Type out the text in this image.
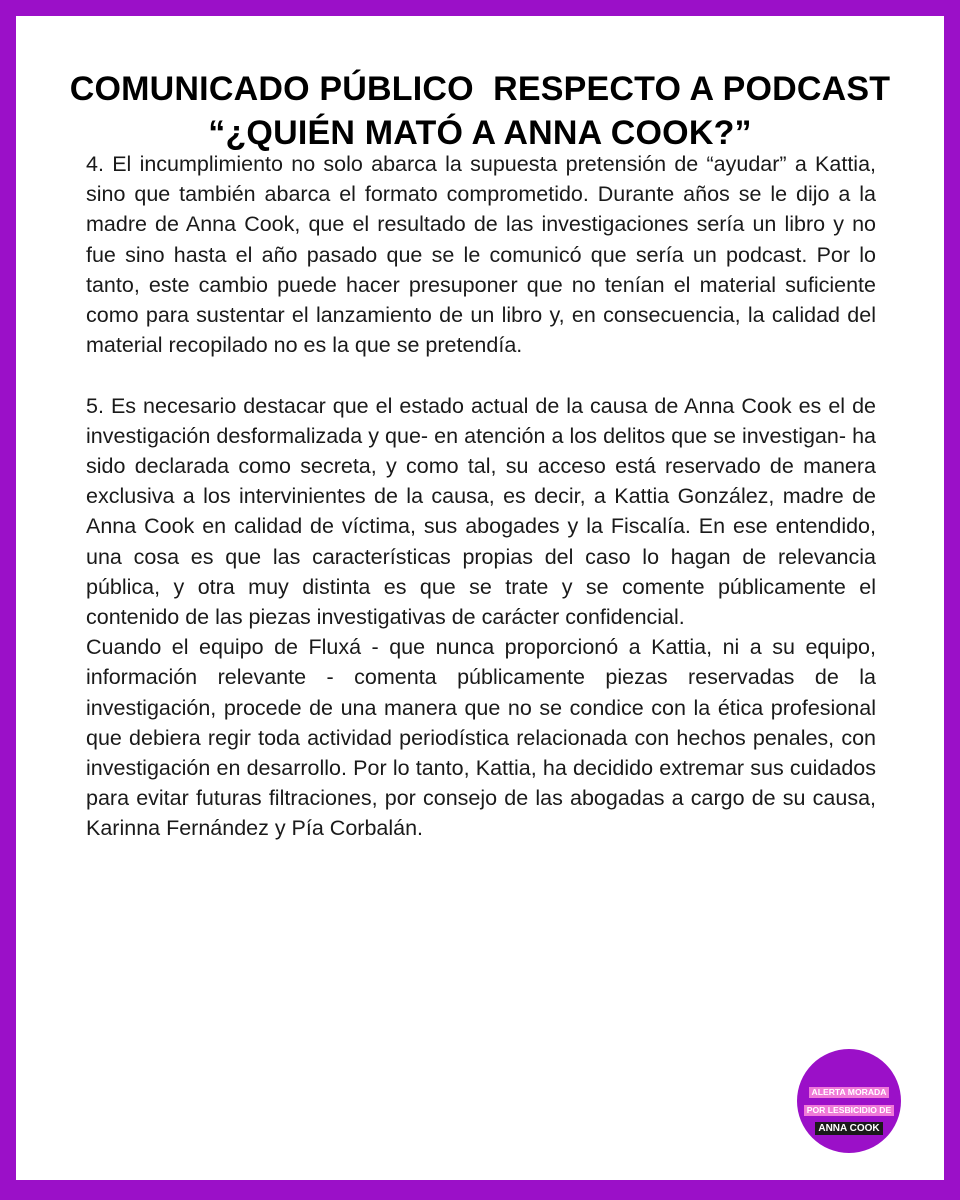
COMUNICADO PÚBLICO  RESPECTO A PODCAST
“¿QUIÉN MATÓ A ANNA COOK?”

4. El incumplimiento no solo abarca la supuesta pretensión de “ayudar” a Kattia, sino que también abarca el formato comprometido. Durante años se le dijo a la madre de Anna Cook, que el resultado de las investigaciones sería un libro y no fue sino hasta el año pasado que se le comunicó que sería un podcast. Por lo tanto, este cambio puede hacer presuponer que no tenían el material suficiente como para sustentar el lanzamiento de un libro y, en consecuencia, la calidad del material recopilado no es la que se pretendía.

5. Es necesario destacar que el estado actual de la causa de Anna Cook es el de investigación desformalizada y que- en atención a los delitos que se investigan- ha sido declarada como secreta, y como tal, su acceso está reservado de manera exclusiva a los intervinientes de la causa, es decir, a Kattia González, madre de Anna Cook en calidad de víctima, sus abogades y la Fiscalía. En ese entendido, una cosa es que las características propias del caso lo hagan de relevancia pública, y otra muy distinta es que se trate y se comente públicamente el contenido de las piezas investigativas de carácter confidencial.

Cuando el equipo de Fluxá - que nunca proporcionó a Kattia, ni a su equipo, información relevante - comenta públicamente piezas reservadas de la investigación, procede de una manera que no se condice con la ética profesional que debiera regir toda actividad periodística relacionada con hechos penales, con investigación en desarrollo. Por lo tanto, Kattia, ha decidido extremar sus cuidados para evitar futuras filtraciones, por consejo de las abogadas a cargo de su causa, Karinna Fernández y Pía Corbalán.

ALERTA MORADA
POR LESBICIDIO DE
ANNA COOK
